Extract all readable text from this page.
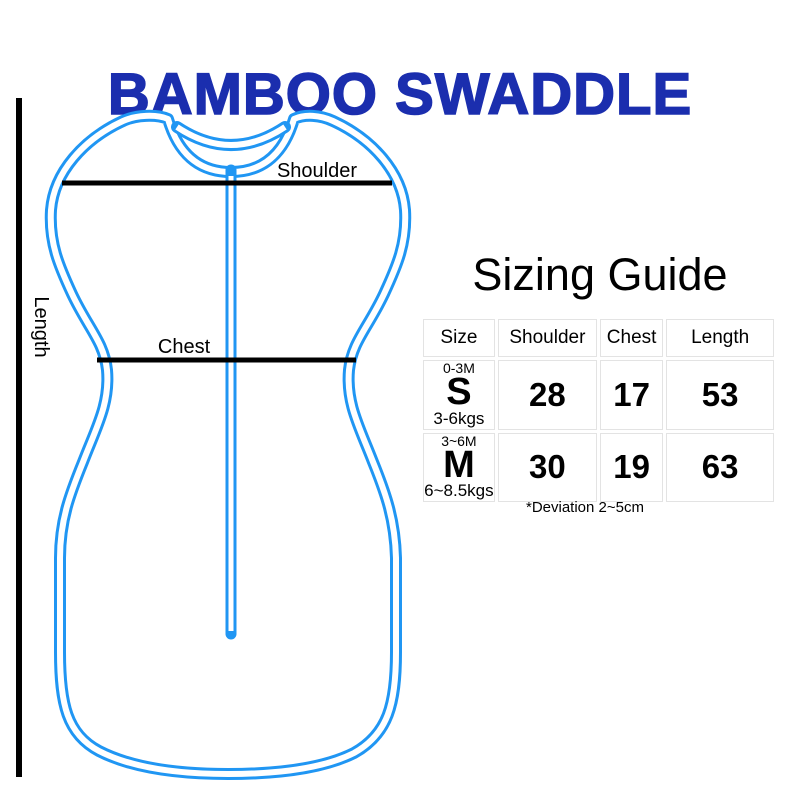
BAMBOO SWADDLE
Shoulder
Chest
Length
Sizing Guide
Size	Shoulder	Chest	Length

0-3M
S
3-6kgs	28	17	53

3~6M
M
6~8.5kgs	30	19	63
*Deviation 2~5cm
